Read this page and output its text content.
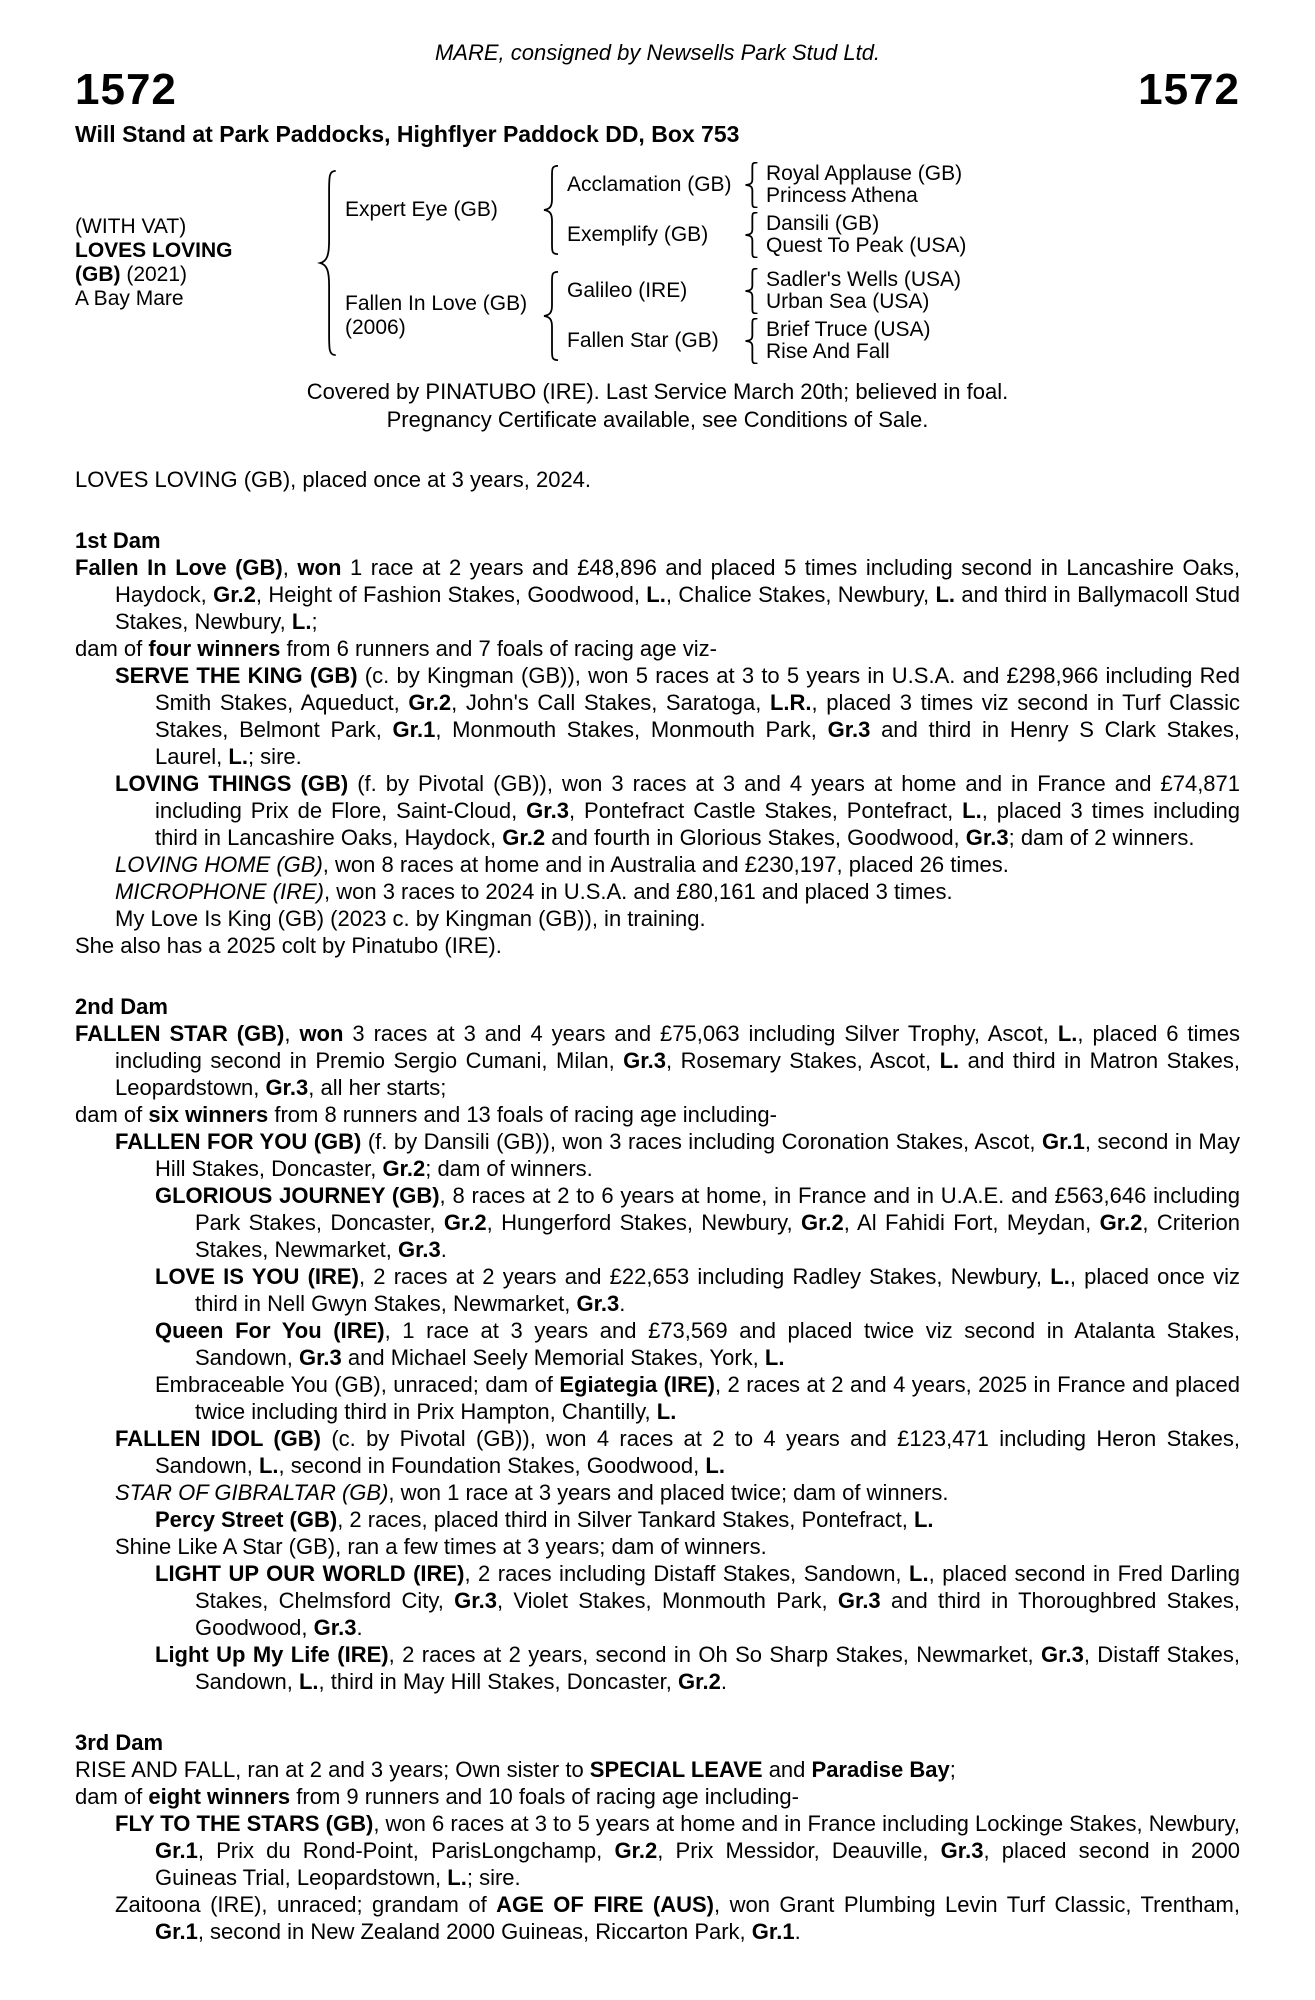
MARE, consigned by Newsells Park Stud Ltd.
1572	1572
Will Stand at Park Paddocks, Highflyer Paddock DD, Box 753
(WITH VAT)
LOVES LOVING
(GB) (2021)
A Bay Mare
Expert Eye (GB)
Acclamation (GB)	Royal Applause (GB)
Princess Athena
Exemplify (GB)	Dansili (GB)
Quest To Peak (USA)
Fallen In Love (GB)
(2006)
Galileo (IRE)	Sadler's Wells (USA)
Urban Sea (USA)
Fallen Star (GB)	Brief Truce (USA)
Rise And Fall
Covered by PINATUBO (IRE). Last Service March 20th; believed in foal.
Pregnancy Certificate available, see Conditions of Sale.
LOVES LOVING (GB), placed once at 3 years, 2024.
1st Dam

Fallen In Love (GB), won 1 race at 2 years and £48,896 and placed 5 times including second in Lancashire Oaks, Haydock, Gr.2, Height of Fashion Stakes, Goodwood, L., Chalice Stakes, Newbury, L. and third in Ballymacoll Stud Stakes, Newbury, L.;

dam of four winners from 6 runners and 7 foals of racing age viz-

SERVE THE KING (GB) (c. by Kingman (GB)), won 5 races at 3 to 5 years in U.S.A. and £298,966 including Red Smith Stakes, Aqueduct, Gr.2, John's Call Stakes, Saratoga, L.R., placed 3 times viz second in Turf Classic Stakes, Belmont Park, Gr.1, Monmouth Stakes, Monmouth Park, Gr.3 and third in Henry S Clark Stakes, Laurel, L.; sire.

LOVING THINGS (GB) (f. by Pivotal (GB)), won 3 races at 3 and 4 years at home and in France and £74,871 including Prix de Flore, Saint-Cloud, Gr.3, Pontefract Castle Stakes, Pontefract, L., placed 3 times including third in Lancashire Oaks, Haydock, Gr.2 and fourth in Glorious Stakes, Goodwood, Gr.3; dam of 2 winners.

LOVING HOME (GB), won 8 races at home and in Australia and £230,197, placed 26 times.

MICROPHONE (IRE), won 3 races to 2024 in U.S.A. and £80,161 and placed 3 times.

My Love Is King (GB) (2023 c. by Kingman (GB)), in training.

She also has a 2025 colt by Pinatubo (IRE).

2nd Dam

FALLEN STAR (GB), won 3 races at 3 and 4 years and £75,063 including Silver Trophy, Ascot, L., placed 6 times including second in Premio Sergio Cumani, Milan, Gr.3, Rosemary Stakes, Ascot, L. and third in Matron Stakes, Leopardstown, Gr.3, all her starts;

dam of six winners from 8 runners and 13 foals of racing age including-

FALLEN FOR YOU (GB) (f. by Dansili (GB)), won 3 races including Coronation Stakes, Ascot, Gr.1, second in May Hill Stakes, Doncaster, Gr.2; dam of winners.

GLORIOUS JOURNEY (GB), 8 races at 2 to 6 years at home, in France and in U.A.E. and £563,646 including Park Stakes, Doncaster, Gr.2, Hungerford Stakes, Newbury, Gr.2, Al Fahidi Fort, Meydan, Gr.2, Criterion Stakes, Newmarket, Gr.3.

LOVE IS YOU (IRE), 2 races at 2 years and £22,653 including Radley Stakes, Newbury, L., placed once viz third in Nell Gwyn Stakes, Newmarket, Gr.3.

Queen For You (IRE), 1 race at 3 years and £73,569 and placed twice viz second in Atalanta Stakes, Sandown, Gr.3 and Michael Seely Memorial Stakes, York, L.

Embraceable You (GB), unraced; dam of Egiategia (IRE), 2 races at 2 and 4 years, 2025 in France and placed twice including third in Prix Hampton, Chantilly, L.

FALLEN IDOL (GB) (c. by Pivotal (GB)), won 4 races at 2 to 4 years and £123,471 including Heron Stakes, Sandown, L., second in Foundation Stakes, Goodwood, L.

STAR OF GIBRALTAR (GB), won 1 race at 3 years and placed twice; dam of winners.

Percy Street (GB), 2 races, placed third in Silver Tankard Stakes, Pontefract, L.

Shine Like A Star (GB), ran a few times at 3 years; dam of winners.

LIGHT UP OUR WORLD (IRE), 2 races including Distaff Stakes, Sandown, L., placed second in Fred Darling Stakes, Chelmsford City, Gr.3, Violet Stakes, Monmouth Park, Gr.3 and third in Thoroughbred Stakes, Goodwood, Gr.3.

Light Up My Life (IRE), 2 races at 2 years, second in Oh So Sharp Stakes, Newmarket, Gr.3, Distaff Stakes, Sandown, L., third in May Hill Stakes, Doncaster, Gr.2.

3rd Dam

RISE AND FALL, ran at 2 and 3 years; Own sister to SPECIAL LEAVE and Paradise Bay;

dam of eight winners from 9 runners and 10 foals of racing age including-

FLY TO THE STARS (GB), won 6 races at 3 to 5 years at home and in France including Lockinge Stakes, Newbury, Gr.1, Prix du Rond-Point, ParisLongchamp, Gr.2, Prix Messidor, Deauville, Gr.3, placed second in 2000 Guineas Trial, Leopardstown, L.; sire.

Zaitoona (IRE), unraced; grandam of AGE OF FIRE (AUS), won Grant Plumbing Levin Turf Classic, Trentham, Gr.1, second in New Zealand 2000 Guineas, Riccarton Park, Gr.1.
